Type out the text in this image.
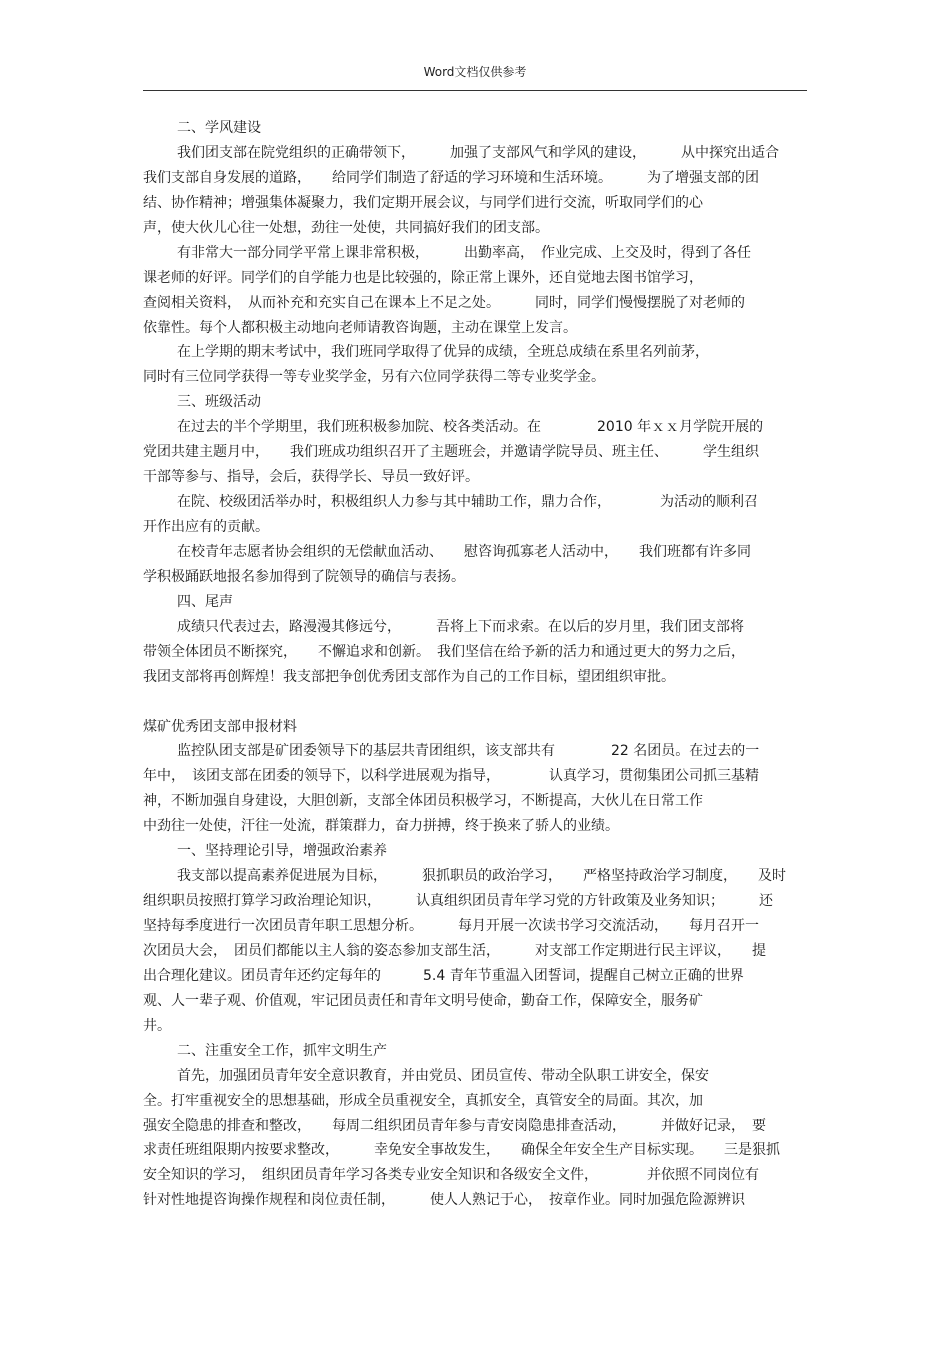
Word文档仅供参考
二、学风建设
我们团支部在院党组织的正确带领下，　　　加强了支部风气和学风的建设，　　　从中探究出适合
我们支部自身发展的道路，　　给同学们制造了舒适的学习环境和生活环境。　　　为了增强支部的团
结、协作精神；增强集体凝聚力，我们定期开展会议，与同学们进行交流，听取同学们的心
声，使大伙儿心往一处想，劲往一处使，共同搞好我们的团支部。
有非常大一部分同学平常上课非常积极，　　　出勤率高，　作业完成、上交及时，得到了各任
课老师的好评。同学们的自学能力也是比较强的，除正常上课外，还自觉地去图书馆学习，
查阅相关资料，　从而补充和充实自己在课本上不足之处。　　　同时，同学们慢慢摆脱了对老师的
依靠性。每个人都积极主动地向老师请教咨询题，主动在课堂上发言。
在上学期的期末考试中，我们班同学取得了优异的成绩，全班总成绩在系里名列前茅，
同时有三位同学获得一等专业奖学金，另有六位同学获得二等专业奖学金。
三、班级活动
在过去的半个学期里，我们班积极参加院、校各类活动。在　　　　2010 年ｘｘ月学院开展的
党团共建主题月中，　　我们班成功组织召开了主题班会，并邀请学院导员、班主任、　　　学生组织
干部等参与、指导，会后，获得学长、导员一致好评。
在院、校级团活举办时，积极组织人力参与其中辅助工作，鼎力合作，　　　　为活动的顺利召
开作出应有的贡献。
在校青年志愿者协会组织的无偿献血活动、　　慰咨询孤寡老人活动中，　　我们班都有许多同
学积极踊跃地报名参加得到了院领导的确信与表扬。
四、尾声
成绩只代表过去，路漫漫其修远兮，　　　吾将上下而求索。在以后的岁月里，我们团支部将
带领全体团员不断探究，　　不懈追求和创新。　我们坚信在给予新的活力和通过更大的努力之后，
我团支部将再创辉煌！我支部把争创优秀团支部作为自己的工作目标，望团组织审批。
煤矿优秀团支部申报材料
监控队团支部是矿团委领导下的基层共青团组织，该支部共有　　　　22 名团员。在过去的一
年中，　该团支部在团委的领导下，以科学进展观为指导，　　　　认真学习，贯彻集团公司抓三基精
神，不断加强自身建设，大胆创新，支部全体团员积极学习，不断提高，大伙儿在日常工作
中劲往一处使，汗往一处流，群策群力，奋力拼搏，终于换来了骄人的业绩。
一、坚持理论引导，增强政治素养
我支部以提高素养促进展为目标，　　　狠抓职员的政治学习，　　严格坚持政治学习制度，　　及时
组织职员按照打算学习政治理论知识，　　　认真组织团员青年学习党的方针政策及业务知识；　　　还
坚持每季度进行一次团员青年职工思想分析。　　　每月开展一次读书学习交流活动，　　每月召开一
次团员大会，　团员们都能以主人翁的姿态参加支部生活，　　　对支部工作定期进行民主评议，　　提
出合理化建议。团员青年还约定每年的　　　5.4 青年节重温入团誓词，提醒自己树立正确的世界
观、人一辈子观、价值观，牢记团员责任和青年文明号使命，勤奋工作，保障安全，服务矿
井。
二、注重安全工作，抓牢文明生产
首先，加强团员青年安全意识教育，并由党员、团员宣传、带动全队职工讲安全，保安
全。打牢重视安全的思想基础，形成全员重视安全，真抓安全，真管安全的局面。其次，加
强安全隐患的排查和整改，　　每周二组织团员青年参与青安岗隐患排查活动，　　　并做好记录，　要
求责任班组限期内按要求整改，　　　幸免安全事故发生，　　确保全年安全生产目标实现。　　三是狠抓
安全知识的学习，　组织团员青年学习各类专业安全知识和各级安全文件，　　　　并依照不同岗位有
针对性地提咨询操作规程和岗位责任制，　　　使人人熟记于心，　按章作业。同时加强危险源辨识
